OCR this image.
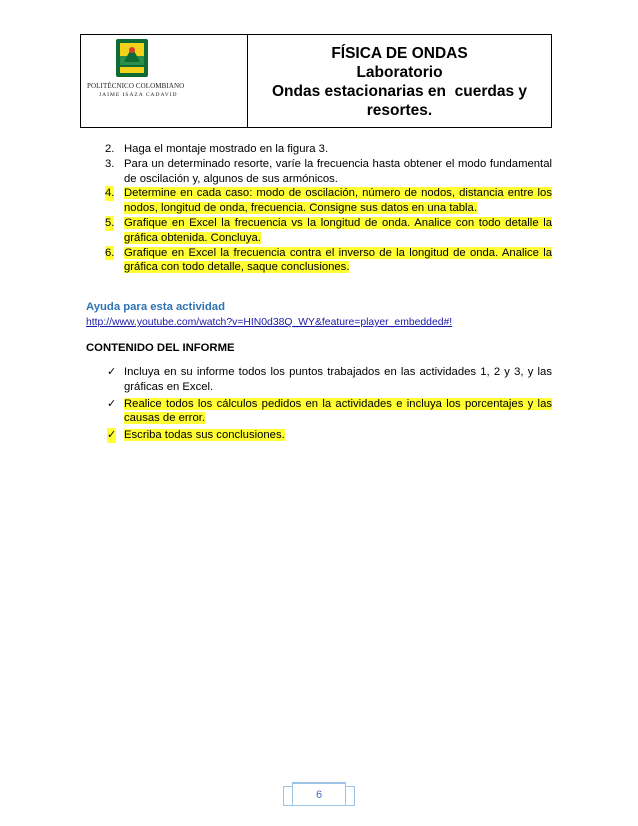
POLITÉCNICO COLOMBIANO
JAIME ISAZA CADAVID
FÍSICA DE ONDAS
Laboratorio
Ondas estacionarias en  cuerdas y
resortes.
2. Haga el montaje mostrado en la figura 3.
3. Para un determinado resorte, varíe la frecuencia hasta obtener el modo fundamental de oscilación y, algunos de sus armónicos.
4. Determine en cada caso: modo de oscilación, número de nodos, distancia entre los nodos, longitud de onda, frecuencia. Consigne sus datos en una tabla.
5. Grafique en Excel la frecuencia vs la longitud de onda. Analice con todo detalle la gráfica obtenida. Concluya.
6. Grafique en Excel la frecuencia contra el inverso de la longitud de onda. Analice la gráfica con todo detalle, saque conclusiones.
Ayuda para esta actividad
http://www.youtube.com/watch?v=HIN0d38Q_WY&feature=player_embedded#!
CONTENIDO DEL INFORME
✓ Incluya en su informe todos los puntos trabajados en las actividades 1, 2 y 3, y las gráficas en Excel.
✓ Realice todos los cálculos pedidos en la actividades e incluya los porcentajes y las causas de error.
✓ Escriba todas sus conclusiones.
6
